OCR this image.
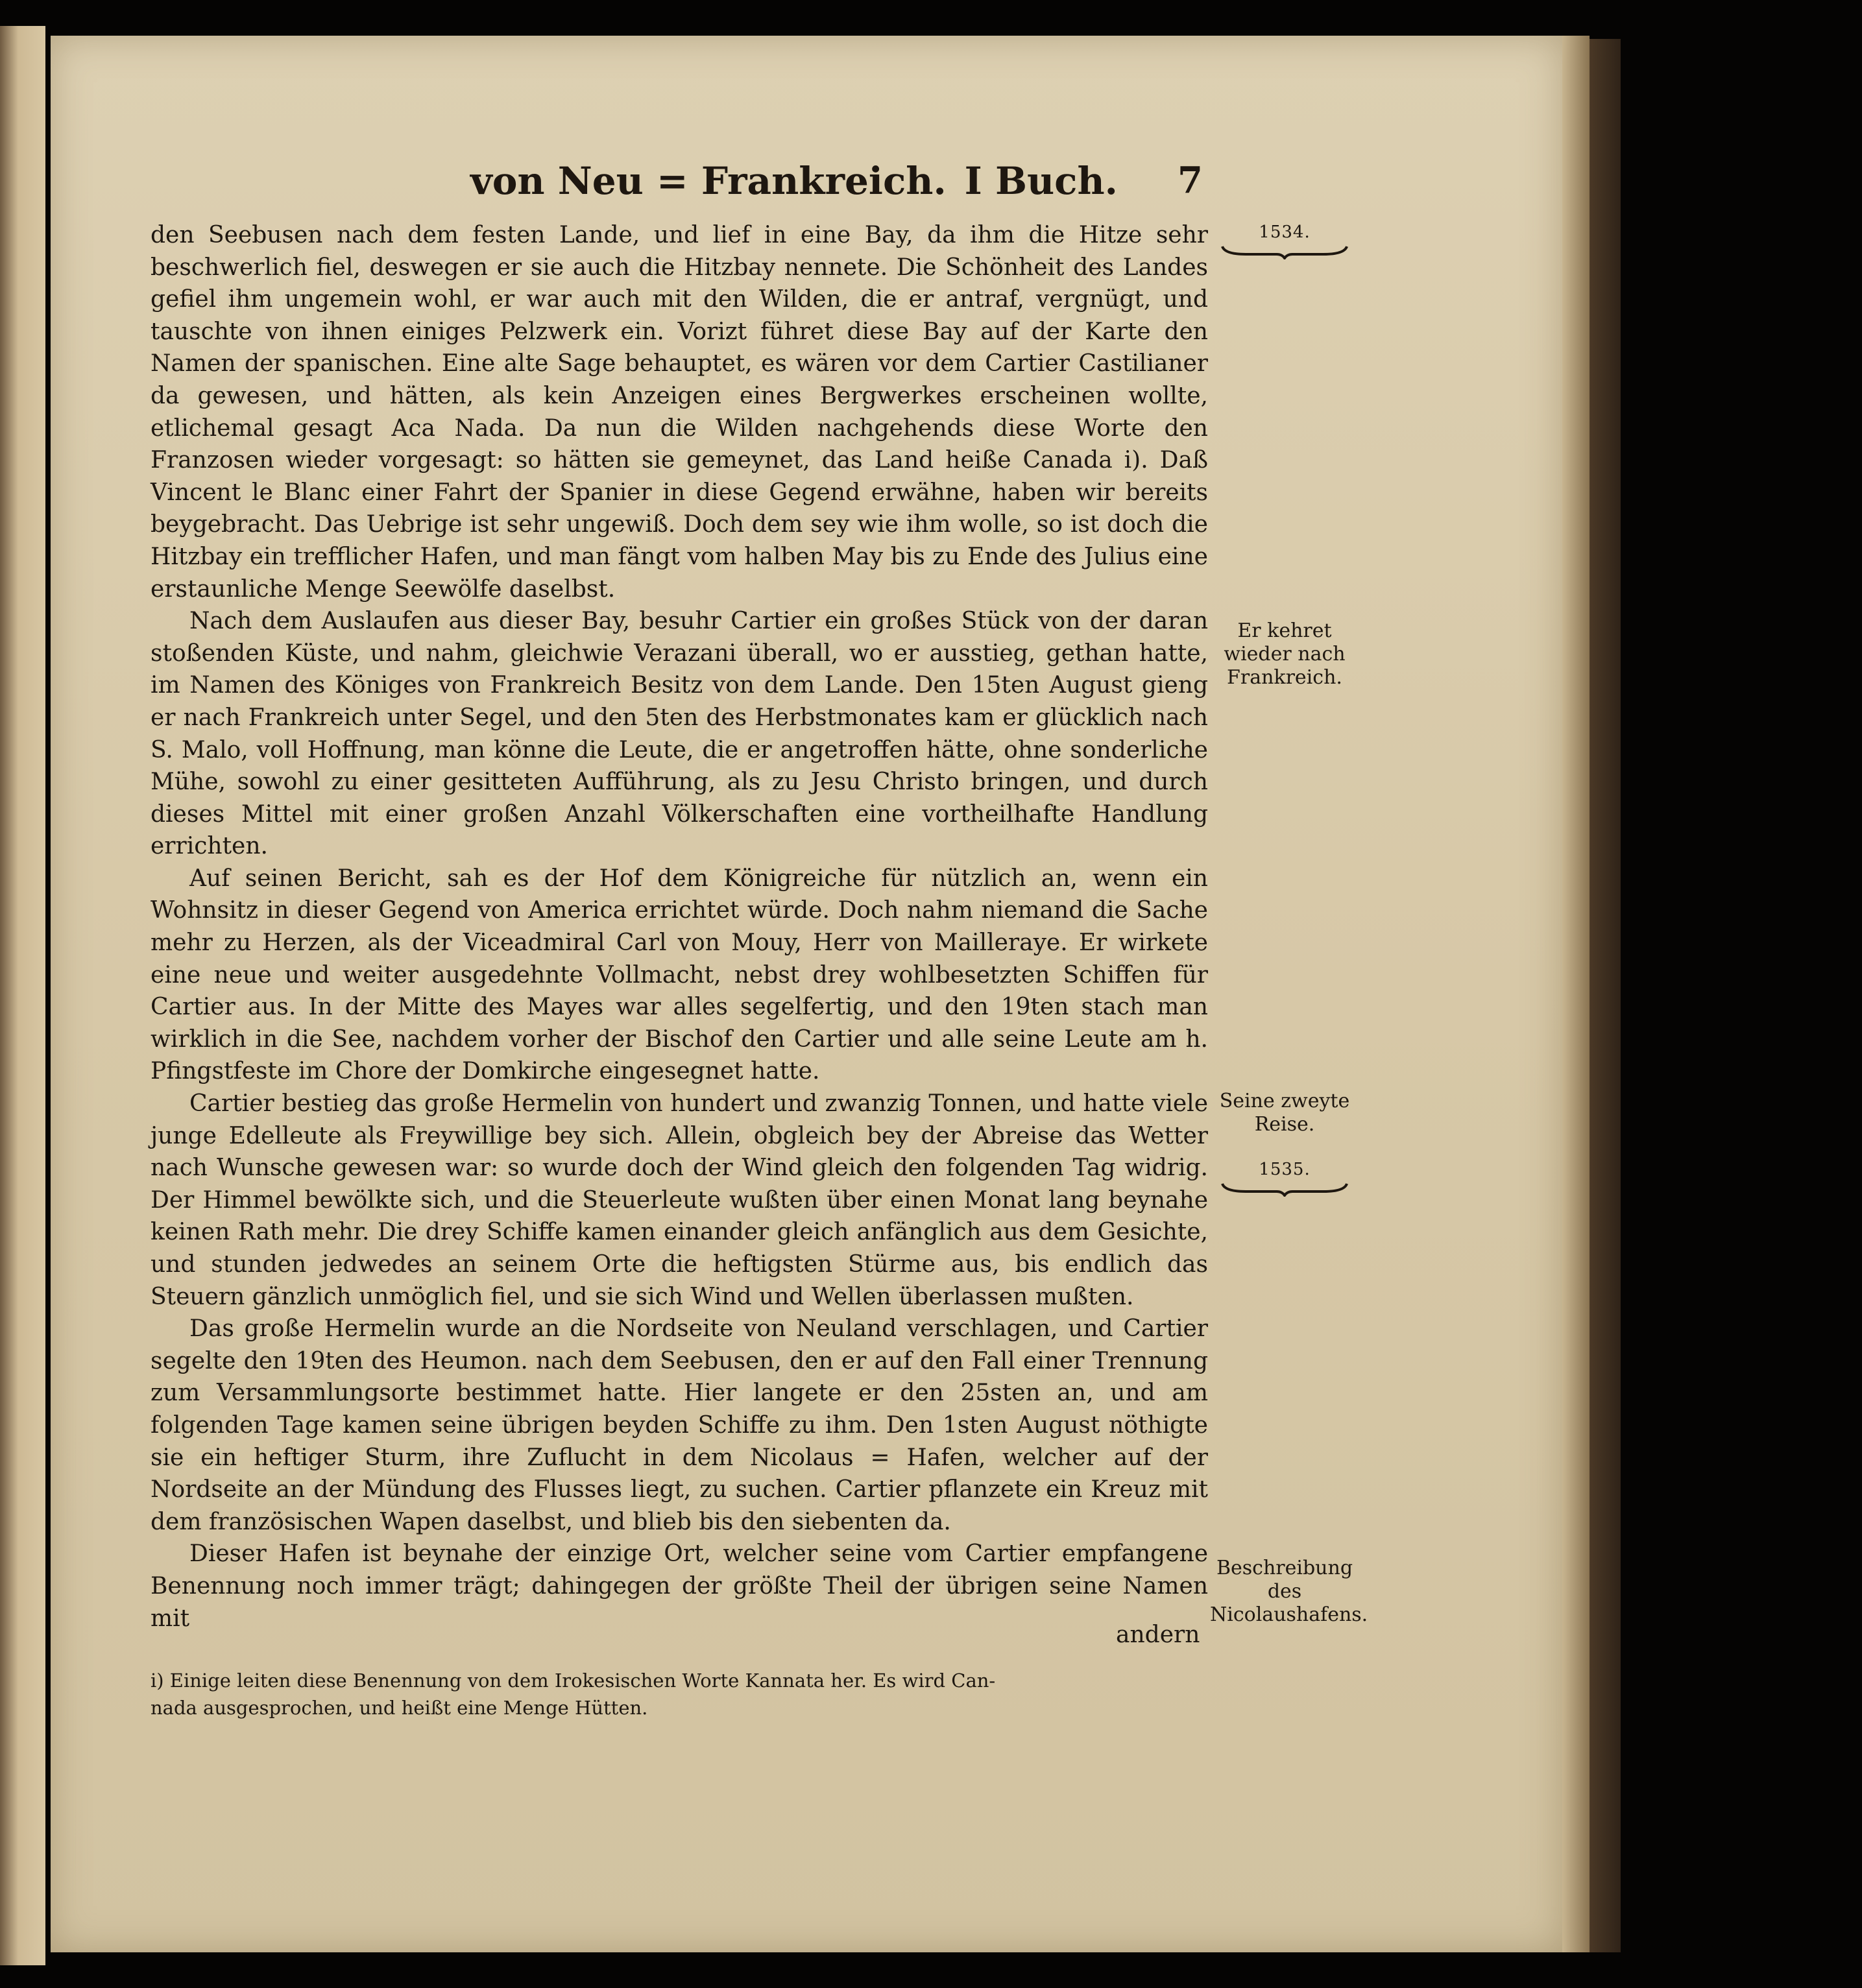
von Neu = Frankreich. I Buch. 7

den Seebusen nach dem festen Lande, und lief in eine Bay, da ihm die Hitze sehr beschwerlich fiel, deswegen er sie auch die Hitzbay nennete. Die Schönheit des Landes gefiel ihm ungemein wohl, er war auch mit den Wilden, die er antraf, vergnügt, und tauschte von ihnen einiges Pelzwerk ein. Vorizt führet diese Bay auf der Karte den Namen der spanischen. Eine alte Sage behauptet, es wären vor dem Cartier Castilianer da gewesen, und hätten, als kein Anzeigen eines Bergwerkes erscheinen wollte, etlichemal gesagt Aca Nada. Da nun die Wilden nachgehends diese Worte den Franzosen wieder vorgesagt: so hätten sie gemeynet, das Land heiße Canada i). Daß Vincent le Blanc einer Fahrt der Spanier in diese Gegend erwähne, haben wir bereits beygebracht. Das Uebrige ist sehr ungewiß. Doch dem sey wie ihm wolle, so ist doch die Hitzbay ein trefflicher Hafen, und man fängt vom halben May bis zu Ende des Julius eine erstaunliche Menge Seewölfe daselbst.

Nach dem Auslaufen aus dieser Bay, besuhr Cartier ein großes Stück von der daran stoßenden Küste, und nahm, gleichwie Verazani überall, wo er ausstieg, gethan hatte, im Namen des Königes von Frankreich Besitz von dem Lande. Den 15ten August gieng er nach Frankreich unter Segel, und den 5ten des Herbstmonates kam er glücklich nach S. Malo, voll Hoffnung, man könne die Leute, die er angetroffen hätte, ohne sonderliche Mühe, sowohl zu einer gesitteten Aufführung, als zu Jesu Christo bringen, und durch dieses Mittel mit einer großen Anzahl Völkerschaften eine vortheilhafte Handlung errichten.

Auf seinen Bericht, sah es der Hof dem Königreiche für nützlich an, wenn ein Wohnsitz in dieser Gegend von America errichtet würde. Doch nahm niemand die Sache mehr zu Herzen, als der Viceadmiral Carl von Mouy, Herr von Mailleraye. Er wirkete eine neue und weiter ausgedehnte Vollmacht, nebst drey wohlbesetzten Schiffen für Cartier aus. In der Mitte des Mayes war alles segelfertig, und den 19ten stach man wirklich in die See, nachdem vorher der Bischof den Cartier und alle seine Leute am h. Pfingstfeste im Chore der Domkirche eingesegnet hatte.

Cartier bestieg das große Hermelin von hundert und zwanzig Tonnen, und hatte viele junge Edelleute als Freywillige bey sich. Allein, obgleich bey der Abreise das Wetter nach Wunsche gewesen war: so wurde doch der Wind gleich den folgenden Tag widrig. Der Himmel bewölkte sich, und die Steuerleute wußten über einen Monat lang beynahe keinen Rath mehr. Die drey Schiffe kamen einander gleich anfänglich aus dem Gesichte, und stunden jedwedes an seinem Orte die heftigsten Stürme aus, bis endlich das Steuern gänzlich unmöglich fiel, und sie sich Wind und Wellen überlassen mußten.

Das große Hermelin wurde an die Nordseite von Neuland verschlagen, und Cartier segelte den 19ten des Heumon. nach dem Seebusen, den er auf den Fall einer Trennung zum Versammlungsorte bestimmet hatte. Hier langete er den 25sten an, und am folgenden Tage kamen seine übrigen beyden Schiffe zu ihm. Den 1sten August nöthigte sie ein heftiger Sturm, ihre Zuflucht in dem Nicolaus = Hafen, welcher auf der Nordseite an der Mündung des Flusses liegt, zu suchen. Cartier pflanzete ein Kreuz mit dem französischen Wapen daselbst, und blieb bis den siebenten da.

Dieser Hafen ist beynahe der einzige Ort, welcher seine vom Cartier empfangene Benennung noch immer trägt; dahingegen der größte Theil der übrigen seine Namen mit

andern

i) Einige leiten diese Benennung von dem Irokesischen Worte Kannata her. Es wird Can-

nada ausgesprochen, und heißt eine Menge Hütten.

1534.
Er kehret wieder nach Frankreich.
Seine zweyte Reise.
1535.
Beschreibung des Nicolaushafens.
